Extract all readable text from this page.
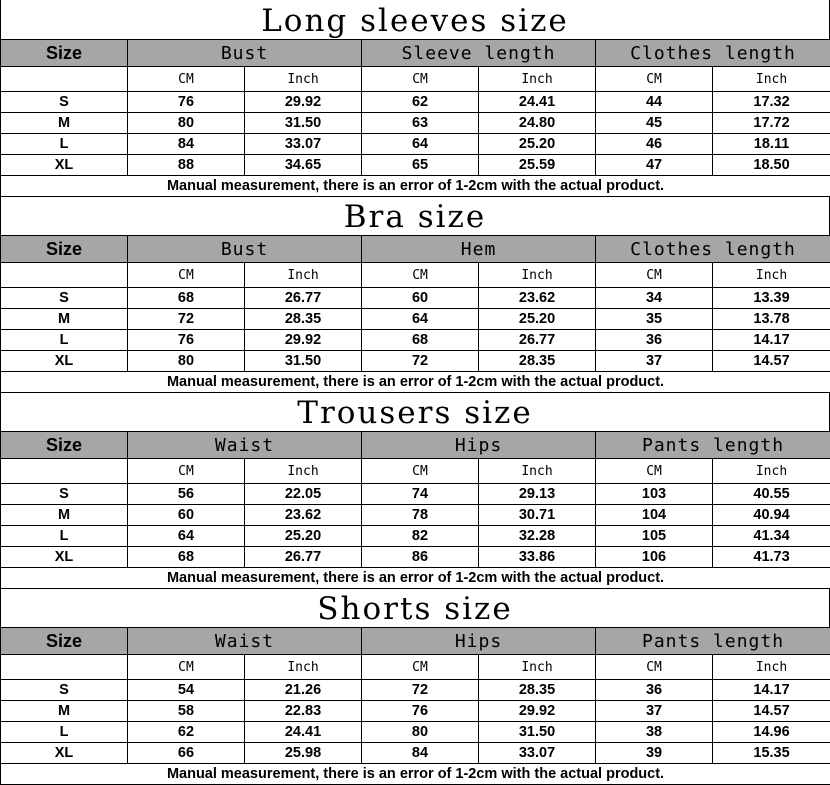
Long sleeves size
Size	Bust		Sleeve length		Clothes length	
	CM	Inch	CM	Inch	CM	Inch
S	76	29.92	62	24.41	44	17.32
M	80	31.50	63	24.80	45	17.72
L	84	33.07	64	25.20	46	18.11
XL	88	34.65	65	25.59	47	18.50
Manual measurement, there is an error of 1-2cm with the actual product.						
Bra size
Size	Bust		Hem		Clothes length	
	CM	Inch	CM	Inch	CM	Inch
S	68	26.77	60	23.62	34	13.39
M	72	28.35	64	25.20	35	13.78
L	76	29.92	68	26.77	36	14.17
XL	80	31.50	72	28.35	37	14.57
Manual measurement, there is an error of 1-2cm with the actual product.						
Trousers size
Size	Waist		Hips		Pants length	
	CM	Inch	CM	Inch	CM	Inch
S	56	22.05	74	29.13	103	40.55
M	60	23.62	78	30.71	104	40.94
L	64	25.20	82	32.28	105	41.34
XL	68	26.77	86	33.86	106	41.73
Manual measurement, there is an error of 1-2cm with the actual product.						
Shorts size
Size	Waist		Hips		Pants length	
	CM	Inch	CM	Inch	CM	Inch
S	54	21.26	72	28.35	36	14.17
M	58	22.83	76	29.92	37	14.57
L	62	24.41	80	31.50	38	14.96
XL	66	25.98	84	33.07	39	15.35
Manual measurement, there is an error of 1-2cm with the actual product.						
